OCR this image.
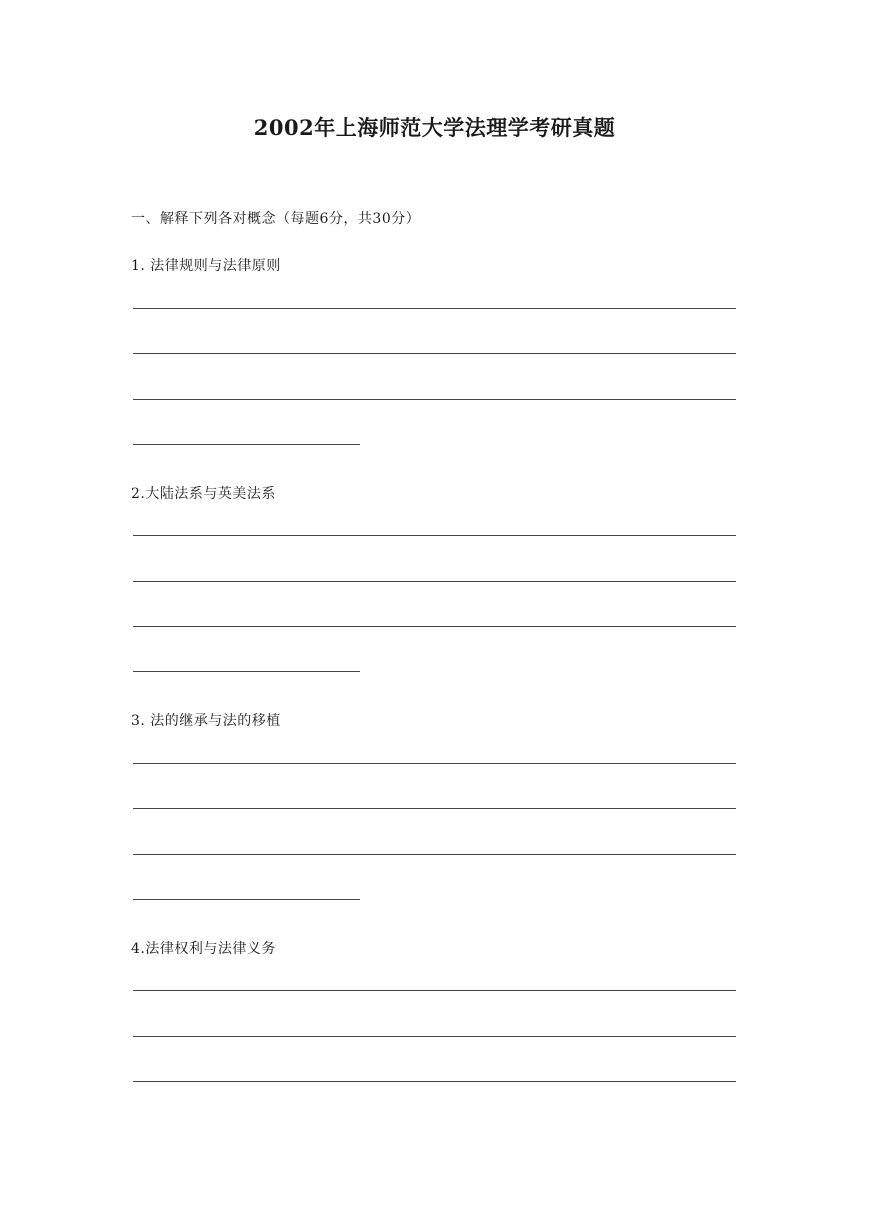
2002年上海师范大学法理学考研真题
一、解释下列各对概念（每题6分，共30分）
1. 法律规则与法律原则
2.大陆法系与英美法系
3. 法的继承与法的移植
4.法律权利与法律义务
